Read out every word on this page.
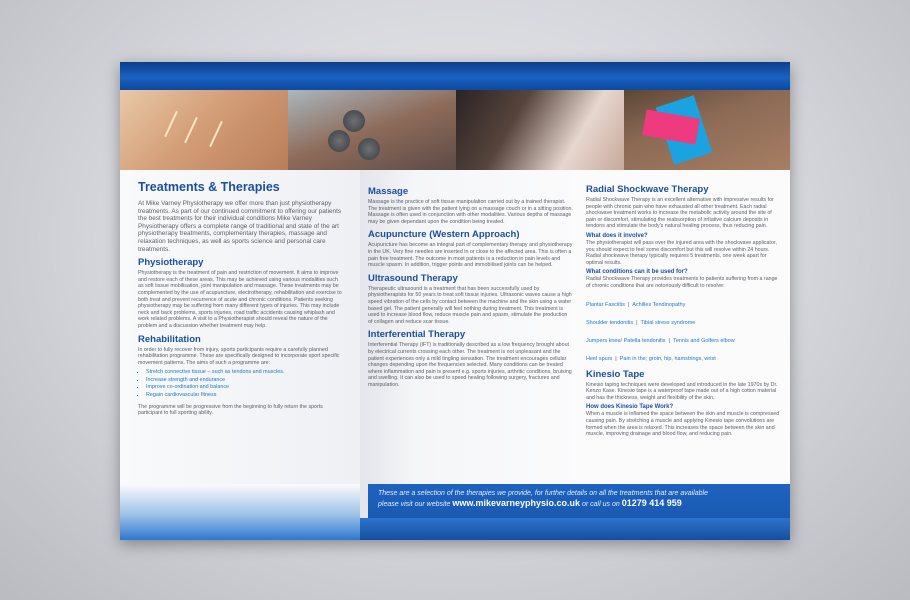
Treatments & Therapies

At Mike Varney Physiotherapy we offer more than just physiotherapy treatments. As part of our continued commitment to offering our patients the best treatments for their individual conditions Mike Varney Physiotherapy offers a complete range of traditional and state of the art physiotherapy treatments, complementary therapies, massage and relaxation techniques, as well as sports science and personal care treatments.

Physiotherapy

Physiotherapy is the treatment of pain and restriction of movement. It aims to improve and restore each of these areas. This may be achieved using various modalities such as soft tissue mobilisation, joint manipulation and massage. These treatments may be complemented by the use of acupuncture, electrotherapy, rehabilitation and exercise to both treat and prevent recurrence of acute and chronic conditions. Patients seeking physiotherapy may be suffering from many different types of injuries. This may include neck and back problems, sports injuries, road traffic accidents causing whiplash and work related problems. A visit to a Physiotherapist should reveal the nature of the problem and a discussion whether treatment may help.

Rehabilitation

In order to fully recover from injury, sports participants require a carefully planned rehabilitation programme. These are specifically designed to incorporate sport specific movement patterns. The aims of such a programme are:

▪ Stretch connective tissue – such as tendons and muscles.
▪ Increase strength and endurance
▪ Improve co-ordination and balance
▪ Regain cardiovascular fitness

The programme will be progressive from the beginning to fully return the sports participant to full sporting ability.

Massage

Massage is the practice of soft tissue manipulation carried out by a trained therapist. The treatment is given with the patient lying on a massage couch or in a sitting position. Massage is often used in conjunction with other modalities. Various depths of massage may be given dependant upon the condition being treated.

Acupuncture (Western Approach)

Acupuncture has become an integral part of complementary therapy and physiotherapy in the UK. Very fine needles are inserted in or close to the affected area. This is often a pain free treatment. The outcome in most patients is a reduction in pain levels and muscle spasm. In addition, trigger points and immobilised joints can be helped.

Ultrasound Therapy

Therapeutic ultrasound is a treatment that has been successfully used by physiotherapists for 50 years to treat soft tissue injuries. Ultrasonic waves cause a high speed vibration of the cells by contact between the machine and the skin using a water based gel. The patient generally will feel nothing during treatment. This treatment is used to increase blood flow, reduce muscle pain and spasm, stimulate the production of collagen and reduce scar tissue.

Interferential Therapy

Interferential Therapy (IFT) is traditionally described as a low frequency brought about by electrical currents crossing each other. The treatment is not unpleasant and the patient experiences only a mild tingling sensation. The treatment encourages cellular changes depending upon the frequencies selected. Many conditions can be treated where inflammation and pain is present e.g. sports injuries, arthritic conditions, bruising and swelling. It can also be used to speed healing following surgery, fractures and manipulation.

Radial Shockwave Therapy

Radial Shockwave Therapy is an excellent alternative with impressive results for people with chronic pain who have exhausted all other treatment. Each radial shockwave treatment works to increase the metabolic activity around the site of pain or discomfort, stimulating the reabsorption of irritative calcium deposits in tendons and stimulate the body's natural healing process, thus reducing pain.

What does it involve?

The physiotherapist will pass over the injured area with the shockwave applicator, you should expect to feel some discomfort but this will resolve within 24 hours. Radial shockwave therapy typically requires 5 treatments, one week apart for optimal results.

What conditions can it be used for?

Radial Shockwave Therapy provides treatments to patients suffering from a range of chronic conditions that are notoriously difficult to resolve:

Plantar Fasciitis | Achilles Tendinopathy
Shoulder tendonitis | Tibial stress syndrome
Jumpers knee/ Patella tendonitis | Tennis and Golfers elbow
Heel spurs | Pain in the; groin, hip, hamstrings, wrist
Kinesio Tape

Kinesio taping techniques were developed and introduced in the late 1970s by Dr. Kenzo Kase. Kinesio tape is a waterproof tape made out of a high cotton material and has the thickness, weight and flexibility of the skin.

How does Kinesio Tape Work?

When a muscle is inflamed the space between the skin and muscle is compressed causing pain. By stretching a muscle and applying Kinesio tape convolutions are formed when the area is relaxed. This increases the space between the skin and muscle, improving drainage and blood flow, and reducing pain.

These are a selection of the therapies we provide, for further details on all the treatments that are available
please visit our website www.mikevarneyphysio.co.uk or call us on 01279 414 959
